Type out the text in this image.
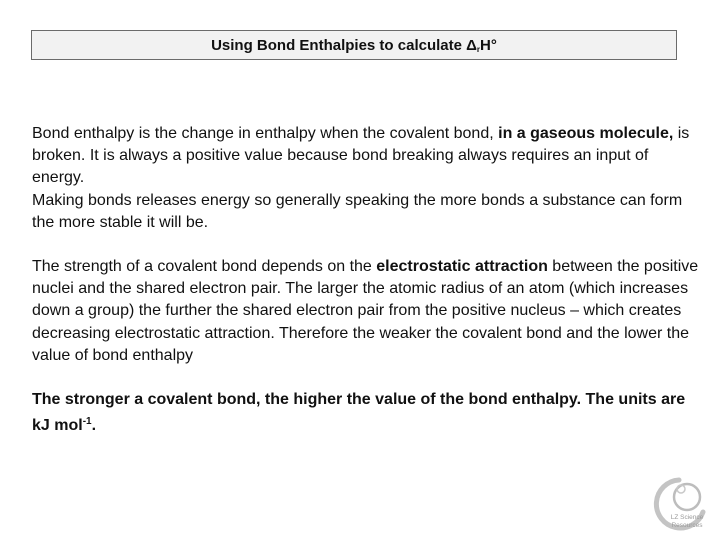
Using Bond Enthalpies to calculate $\Delta_rH^\circ$

Bond enthalpy is the change in enthalpy when the covalent bond, in a gaseous molecule, is broken. It is always a positive value because bond breaking always requires an input of energy.

Making bonds releases energy so generally speaking the more bonds a substance can form the more stable it will be.

The strength of a covalent bond depends on the electrostatic attraction between the positive nuclei and the shared electron pair. The larger the atomic radius of an atom (which increases down a group) the further the shared electron pair from the positive nucleus – which creates decreasing electrostatic attraction. Therefore the weaker the covalent bond and the lower the value of bond enthalpy

The stronger a covalent bond, the higher the value of the bond enthalpy. The units are kJ mol$^{-1}$.

LZ Science
Resources
